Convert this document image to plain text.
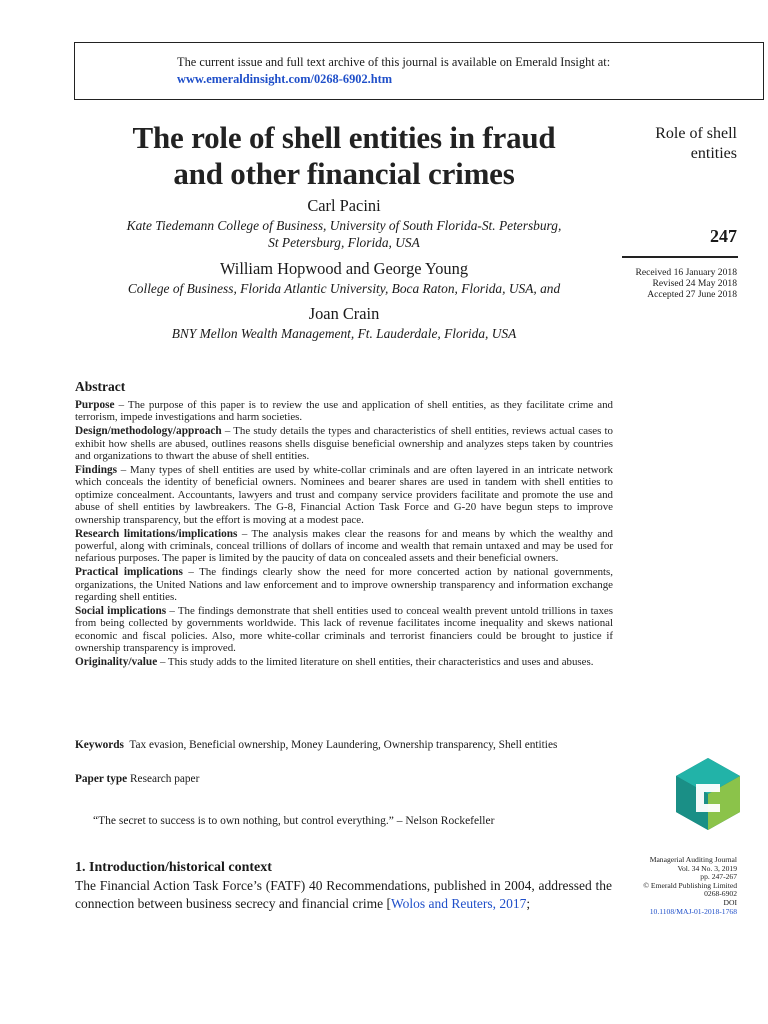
The current issue and full text archive of this journal is available on Emerald Insight at:
www.emeraldinsight.com/0268-6902.htm
The role of shell entities in fraud
and other financial crimes
Role of shell
entities
247
Received 16 January 2018
Revised 24 May 2018
Accepted 27 June 2018
Carl Pacini
Kate Tiedemann College of Business, University of South Florida-St. Petersburg,
St Petersburg, Florida, USA
William Hopwood and George Young
College of Business, Florida Atlantic University, Boca Raton, Florida, USA, and
Joan Crain
BNY Mellon Wealth Management, Ft. Lauderdale, Florida, USA
Abstract

Purpose – The purpose of this paper is to review the use and application of shell entities, as they facilitate crime and terrorism, impede investigations and harm societies.

Design/methodology/approach – The study details the types and characteristics of shell entities, reviews actual cases to exhibit how shells are abused, outlines reasons shells disguise beneficial ownership and analyzes steps taken by countries and organizations to thwart the abuse of shell entities.

Findings – Many types of shell entities are used by white-collar criminals and are often layered in an intricate network which conceals the identity of beneficial owners. Nominees and bearer shares are used in tandem with shell entities to optimize concealment. Accountants, lawyers and trust and company service providers facilitate and promote the use and abuse of shell entities by lawbreakers. The G-8, Financial Action Task Force and G-20 have begun steps to improve ownership transparency, but the effort is moving at a modest pace.

Research limitations/implications – The analysis makes clear the reasons for and means by which the wealthy and powerful, along with criminals, conceal trillions of dollars of income and wealth that remain untaxed and may be used for nefarious purposes. The paper is limited by the paucity of data on concealed assets and their beneficial owners.

Practical implications – The findings clearly show the need for more concerted action by national governments, organizations, the United Nations and law enforcement and to improve ownership transparency and information exchange regarding shell entities.

Social implications – The findings demonstrate that shell entities used to conceal wealth prevent untold trillions in taxes from being collected by governments worldwide. This lack of revenue facilitates income inequality and skews national economic and fiscal policies. Also, more white-collar criminals and terrorist financiers could be brought to justice if ownership transparency is improved.

Originality/value – This study adds to the limited literature on shell entities, their characteristics and uses and abuses.

Keywords Tax evasion, Beneficial ownership, Money Laundering, Ownership transparency, Shell entities
Paper type Research paper
“The secret to success is to own nothing, but control everything.” – Nelson Rockefeller
1. Introduction/historical context
The Financial Action Task Force’s (FATF) 40 Recommendations, published in 2004, addressed the connection between business secrecy and financial crime [Wolos and Reuters, 2017;
Managerial Auditing Journal
Vol. 34 No. 3, 2019
pp. 247-267
© Emerald Publishing Limited
0268-6902
DOI
10.1108/MAJ-01-2018-1768
